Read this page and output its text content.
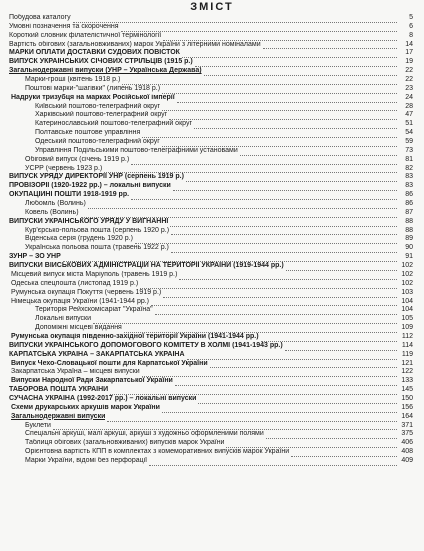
ЗМІСТ
Побудова каталогу	5
Умовні позначення та скорочення	6
Короткий словник філателістичної термінології	8
Вартість обігових (загальновживаних) марок України з літерними номіналами	14
МАРКИ ОПЛАТИ ДОСТАВКИ СУДОВИХ ПОВІСТОК	17
ВИПУСК УКРАЇНСЬКИХ СІЧОВИХ СТРІЛЬЦІВ (1915 р.)	19
Загальнодержавні випуски (УНР – Українська Держава)	22
Марки-гроші (квітень 1918 р.)	22
Поштові марки-"шагівки" (липень 1918 р.)	23
Надруки тризубця на марках Російської імперії	24
Київський поштово-телеграфний округ	28
Харківський поштово-телеграфний округ	47
Катеринославський поштово-телеграфний округ	51
Полтавське поштове управління	54
Одеський поштово-телеграфний округ	59
Управління Подільськими поштово-телеграфними установами	73
Обіговий випуск (січень 1919 р.)	81
УСРР (червень 1923 р.)	82
ВИПУСК УРЯДУ ДИРЕКТОРІЇ УНР (серпень 1919 р.)	83
ПРОВІЗОРІЇ (1920-1922 рр.) – локальні випуски	83
ОКУПАЦІЙНІ ПОШТИ 1918-1919 рр.	86
Любомль (Волинь)	86
Ковель (Волинь)	87
ВИПУСКИ УКРАЇНСЬКОГО УРЯДУ У ВИГНАННІ	88
Кур'єрсько-польова пошта (серпень 1920 р.)	88
Віденська серія (грудень 1920 р.)	89
Українська польова пошта (травень 1922 р.)	90
ЗУНР – ЗО УНР	91
ВИПУСКИ ВІЙСЬКОВИХ АДМІНІСТРАЦІЙ НА ТЕРИТОРІЇ УКРАЇНИ (1919-1944 рр.)	102
Місцевий випуск міста Маріуполь (травень 1919 р.)	102
Одеська спецпошта (листопад 1919 р.)	102
Румунська окупація Покуття (червень 1919 р.)	103
Німецька окупація України (1941-1944 рр.)	104
Територія Рейхскомісаріат "Україна"	104
Локальні випуски	105
Допоміжні місцеві видання	109
Румунська окупація південно-західної території України (1941-1944 рр.)	112
ВИПУСКИ УКРАЇНСЬКОГО ДОПОМОГОВОГО КОМІТЕТУ В ХОЛМІ (1941-1943 рр.)	114
КАРПАТСЬКА УКРАЇНА – ЗАКАРПАТСЬКА УКРАЇНА	119
Випуск Чехо-Словацької пошти для Карпатської України	121
Закарпатська Україна – місцеві випуски	122
Випуски Народної Ради Закарпатської України	133
ТАБОРОВА ПОШТА УКРАЇНИ	145
СУЧАСНА УКРАЇНА (1992-2017 рр.) – локальні випуски	150
Схеми друкарських аркушів марок України	156
Загальнодержавні випуски	164
Буклети	371
Спеціальні аркуші, малі аркуші, аркуші з художньо оформленими полями	375
Таблиця обігових (загальновживаних) випусків марок України	406
Орієнтовна вартість КПП в комплектах з комеморативних випусків марок України	408
Марки України, відомі без перфорації	409
